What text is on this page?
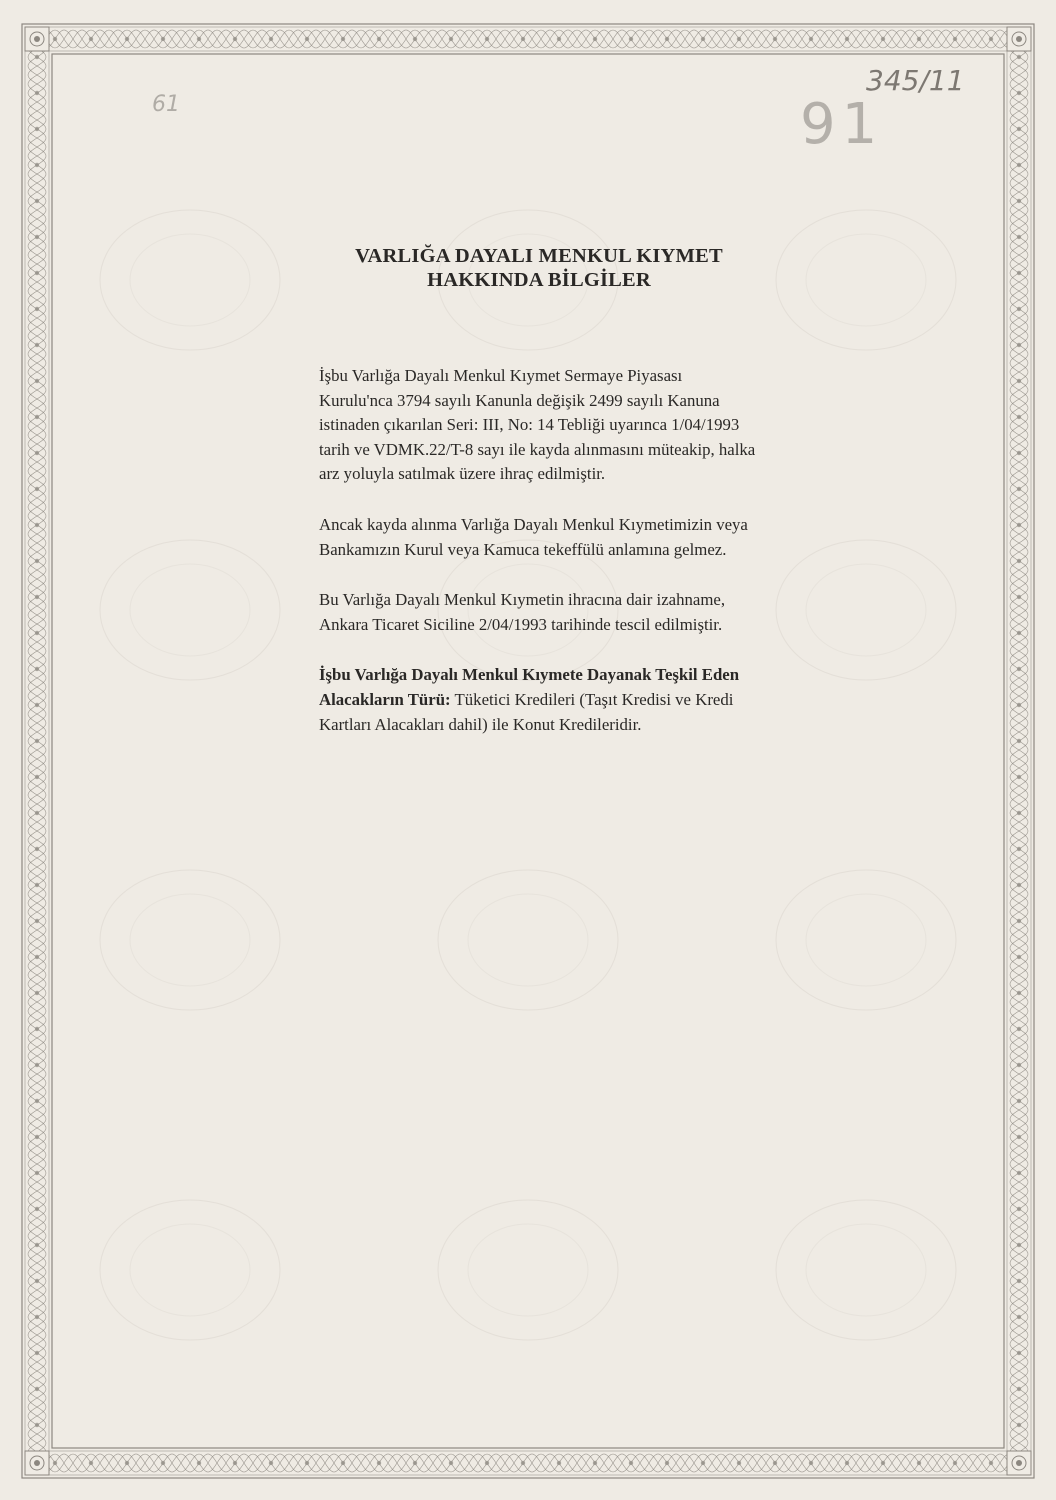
61	91
345/11
VARLIĞA DAYALI MENKUL KIYMET
HAKKINDA BİLGİLER

İşbu Varlığa Dayalı Menkul Kıymet Sermaye Piyasası Kurulu'nca 3794 sayılı Kanunla değişik 2499 sayılı Kanuna istinaden çıkarılan Seri: III, No: 14 Tebliği uyarınca 1/04/1993 tarih ve VDMK.22/T-8 sayı ile kayda alınmasını müteakip, halka arz yoluyla satılmak üzere ihraç edilmiştir.

Ancak kayda alınma Varlığa Dayalı Menkul Kıymetimizin veya Bankamızın Kurul veya Kamuca tekeffülü anlamına gelmez.

Bu Varlığa Dayalı Menkul Kıymetin ihracına dair izahname, Ankara Ticaret Siciline 2/04/1993 tarihinde tescil edilmiştir.

İşbu Varlığa Dayalı Menkul Kıymete Dayanak Teşkil Eden Alacakların Türü: Tüketici Kredileri (Taşıt Kredisi ve Kredi Kartları Alacakları dahil) ile Konut Kredileridir.
